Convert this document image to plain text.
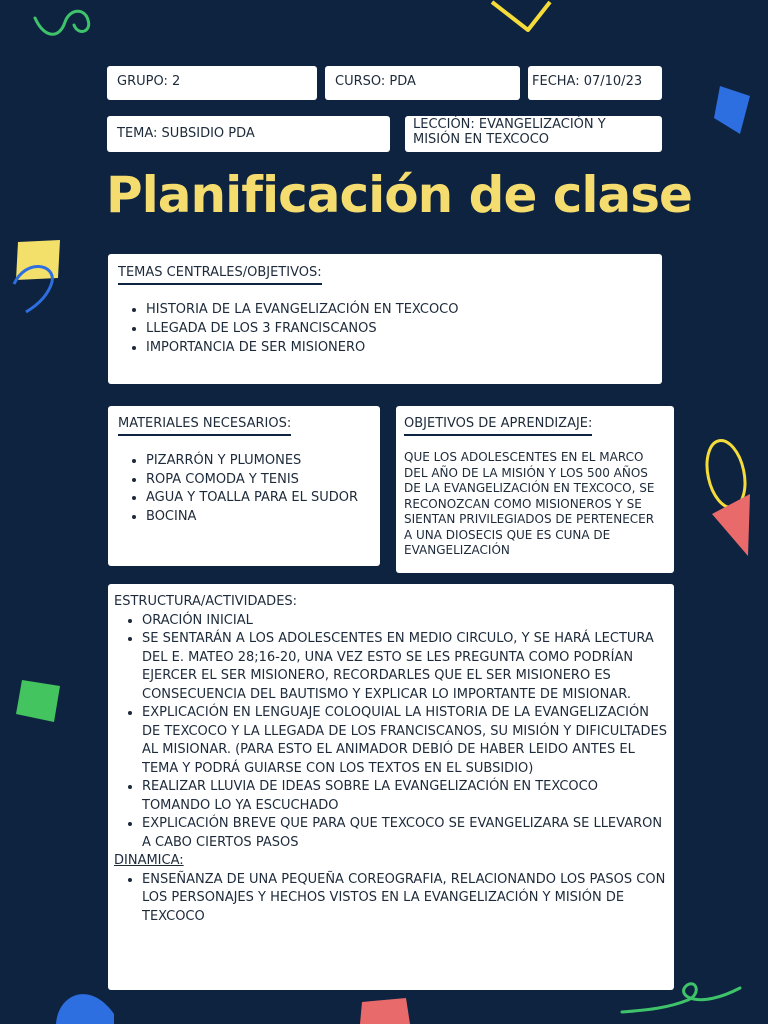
GRUPO: 2	CURSO: PDA	FECHA: 07/10/23
TEMA: SUBSIDIO PDA
LECCIÓN: EVANGELIZACIÓN Y MISIÓN EN TEXCOCO
Planificación de clase
TEMAS CENTRALES/OBJETIVOS:
• HISTORIA DE LA EVANGELIZACIÓN EN TEXCOCO
• LLEGADA DE LOS 3 FRANCISCANOS
• IMPORTANCIA DE SER MISIONERO
MATERIALES NECESARIOS:
• PIZARRÓN Y PLUMONES
• ROPA COMODA Y TENIS
• AGUA Y TOALLA PARA EL SUDOR
• BOCINA
OBJETIVOS DE APRENDIZAJE:
QUE LOS ADOLESCENTES EN EL MARCO DEL AÑO DE LA MISIÓN Y LOS 500 AÑOS DE LA EVANGELIZACIÓN EN TEXCOCO, SE RECONOZCAN COMO MISIONEROS Y SE SIENTAN PRIVILEGIADOS DE PERTENECER A UNA DIOSECIS QUE ES CUNA DE EVANGELIZACIÓN
ESTRUCTURA/ACTIVIDADES:
• ORACIÓN INICIAL
• SE SENTARÁN A LOS ADOLESCENTES EN MEDIO CIRCULO, Y SE HARÁ LECTURA DEL E. MATEO 28;16-20, UNA VEZ ESTO SE LES PREGUNTA COMO PODRÍAN EJERCER EL SER MISIONERO, RECORDARLES QUE EL SER MISIONERO ES CONSECUENCIA DEL BAUTISMO Y EXPLICAR LO IMPORTANTE DE MISIONAR.
• EXPLICACIÓN EN LENGUAJE COLOQUIAL LA HISTORIA DE LA EVANGELIZACIÓN DE TEXCOCO Y LA LLEGADA DE LOS FRANCISCANOS, SU MISIÓN Y DIFICULTADES AL MISIONAR. (PARA ESTO EL ANIMADOR DEBIÓ DE HABER LEIDO ANTES EL TEMA Y PODRÁ GUIARSE CON LOS TEXTOS EN EL SUBSIDIO)
• REALIZAR LLUVIA DE IDEAS SOBRE LA EVANGELIZACIÓN EN TEXCOCO TOMANDO LO YA ESCUCHADO
• EXPLICACIÓN BREVE QUE PARA QUE TEXCOCO SE EVANGELIZARA SE LLEVARON A CABO CIERTOS PASOS
DINAMICA:
• ENSEÑANZA DE UNA PEQUEÑA COREOGRAFIA, RELACIONANDO LOS PASOS CON LOS PERSONAJES Y HECHOS VISTOS EN LA EVANGELIZACIÓN Y MISIÓN DE TEXCOCO
